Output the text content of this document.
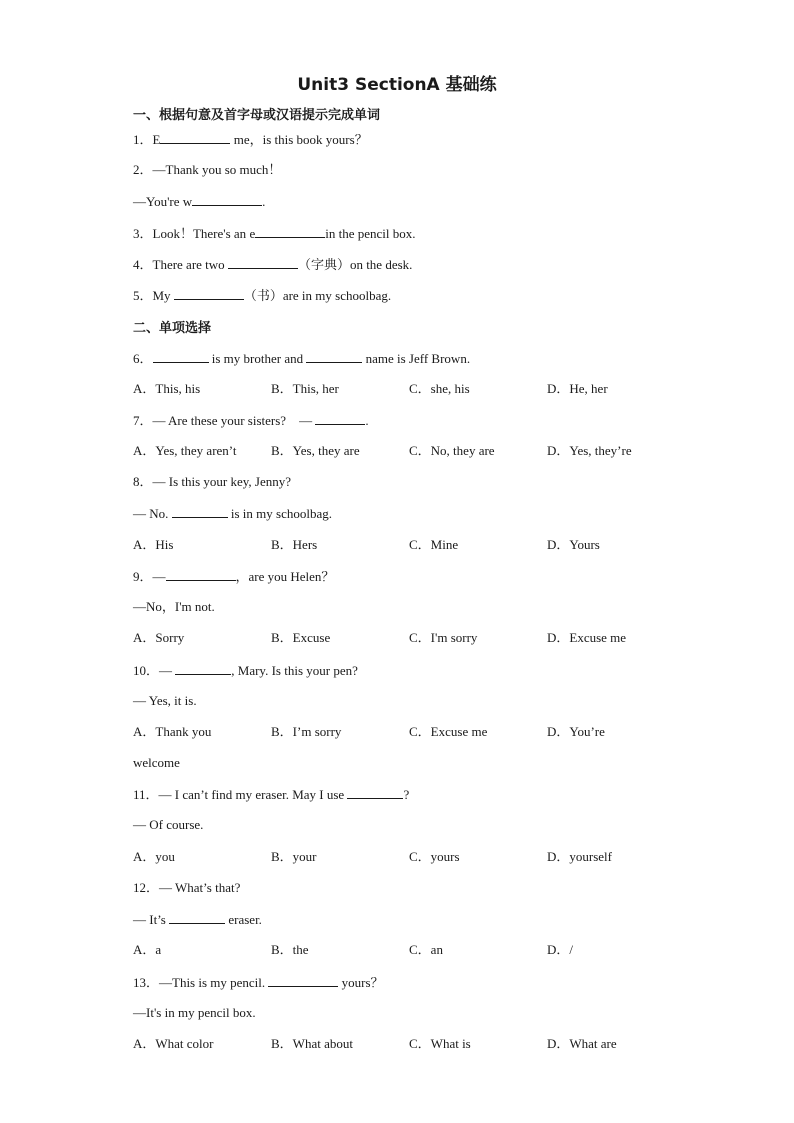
Unit3 SectionA 基础练
一、根据句意及首字母或汉语提示完成单词
1．E	me，is this book yours？
2．—Thank you so much！
—You're w	.
3．Look！There's an e	in the pencil box.
4．There are two	（字典）on the desk.
5．My	（书）are in my schoolbag.
二、单项选择
6．	is my brother and	name is Jeff Brown.
A．This, his	B．This, her	C．she, his	D．He, her
7．— Are these your sisters?    —	.
A．Yes, they aren’t	B．Yes, they are	C．No, they are	D．Yes, they’re
8．— Is this your key, Jenny?
— No.	is in my schoolbag.
A．His	B．Hers	C．Mine	D．Yours
9．—	，are you Helen？
—No，I'm not.
A．Sorry	B．Excuse	C．I'm sorry	D．Excuse me
10．—	, Mary. Is this your pen?
— Yes, it is.
A．Thank you	B．I’m sorry	C．Excuse me	D．You’re
welcome
11．— I can’t find my eraser. May I use	?
— Of course.
A．you	B．your	C．yours	D．yourself
12．— What’s that?
— It’s	eraser.
A．a	B．the	C．an	D．/
13．—This is my pencil.	yours？
—It's in my pencil box.
A．What color	B．What about	C．What is	D．What are
